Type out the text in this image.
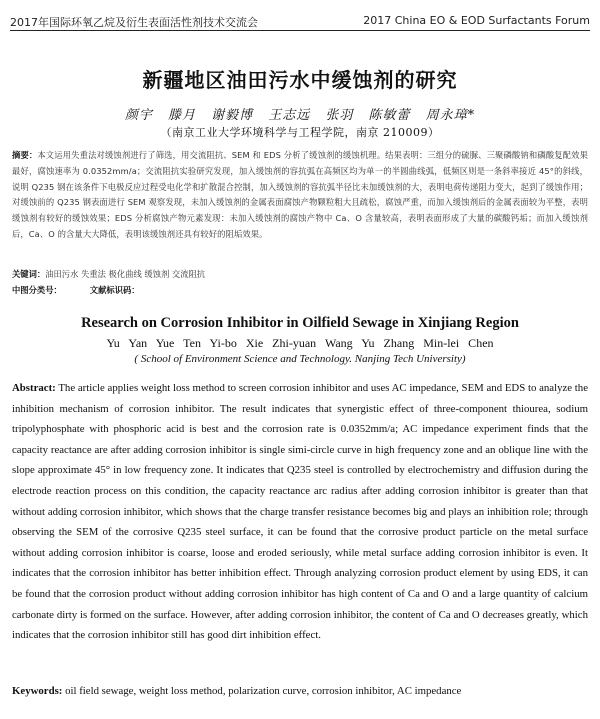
2017年国际环氧乙烷及衍生表面活性剂技术交流会	2017 China EO & EOD Surfactants Forum
新疆地区油田污水中缓蚀剂的研究
颜宇 滕月 谢毅博 王志远 张羽 陈敏蕾 周永璋*
（南京工业大学环境科学与工程学院，南京 210009）
摘要：本文运用失重法对缓蚀剂进行了筛选，用交流阻抗、SEM 和 EDS 分析了缓蚀剂的缓蚀机理。结果表明：三组分的硫脲、三聚磷酸钠和磷酸复配效果最好，腐蚀速率为 0.0352mm/a；交流阻抗实验研究发现，加入缓蚀剂的容抗弧在高频区均为单一的半圆曲线弧，低频区则是一条斜率接近 45°的斜线，说明 Q235 钢在该条件下电极反应过程受电化学和扩散混合控制，加入缓蚀剂的容抗弧半径比未加缓蚀剂的大，表明电荷传递阻力变大，起到了缓蚀作用；对缓蚀前的 Q235 钢表面进行 SEM 观察发现，未加入缓蚀剂的金属表面腐蚀产物颗粒粗大且疏松，腐蚀严重，而加入缓蚀剂后的金属表面较为平整，表明缓蚀剂有较好的缓蚀效果；EDS 分析腐蚀产物元素发现：未加入缓蚀剂的腐蚀产物中 Ca、O 含量较高，表明表面形成了大量的碳酸钙垢；而加入缓蚀剂后，Ca、O 的含量大大降低，表明该缓蚀剂还具有较好的阻垢效果。
关键词：油田污水 失重法 极化曲线 缓蚀剂 交流阻抗
中图分类号：	文献标识码：
Research on Corrosion Inhibitor in Oilfield Sewage in Xinjiang Region
Yu Yan Yue Ten Yi-bo Xie Zhi-yuan Wang Yu Zhang Min-lei Chen
( School of Environment Science and Technology. Nanjing Tech University)
Abstract: The article applies weight loss method to screen corrosion inhibitor and uses AC impedance, SEM and EDS to analyze the inhibition mechanism of corrosion inhibitor. The result indicates that synergistic effect of three-component thiourea, sodium tripolyphosphate with phosphoric acid is best and the corrosion rate is 0.0352mm/a; AC impedance experiment finds that the capacity reactance are after adding corrosion inhibitor is single simi-circle curve in high frequency zone and an oblique line with the slope approximate 45° in low frequency zone. It indicates that Q235 steel is controlled by electrochemistry and diffusion during the electrode reaction process on this condition, the capacity reactance arc radius after adding corrosion inhibitor is greater than that without adding corrosion inhibitor, which shows that the charge transfer resistance becomes big and plays an inhibition role; through observing the SEM of the corrosive Q235 steel surface, it can be found that the corrosive product particle on the metal surface without adding corrosion inhibitor is coarse, loose and eroded seriously, while metal surface adding corrosion inhibitor is even. It indicates that the corrosion inhibitor has better inhibition effect. Through analyzing corrosion product element by using EDS, it can be found that the corrosion product without adding corrosion inhibitor has high content of Ca and O and a large quantity of calcium carbonate dirty is formed on the surface. However, after adding corrosion inhibitor, the content of Ca and O decreases greatly, which indicates that the corrosion inhibitor still has good dirt inhibition effect.
Keywords: oil field sewage, weight loss method, polarization curve, corrosion inhibitor, AC impedance
